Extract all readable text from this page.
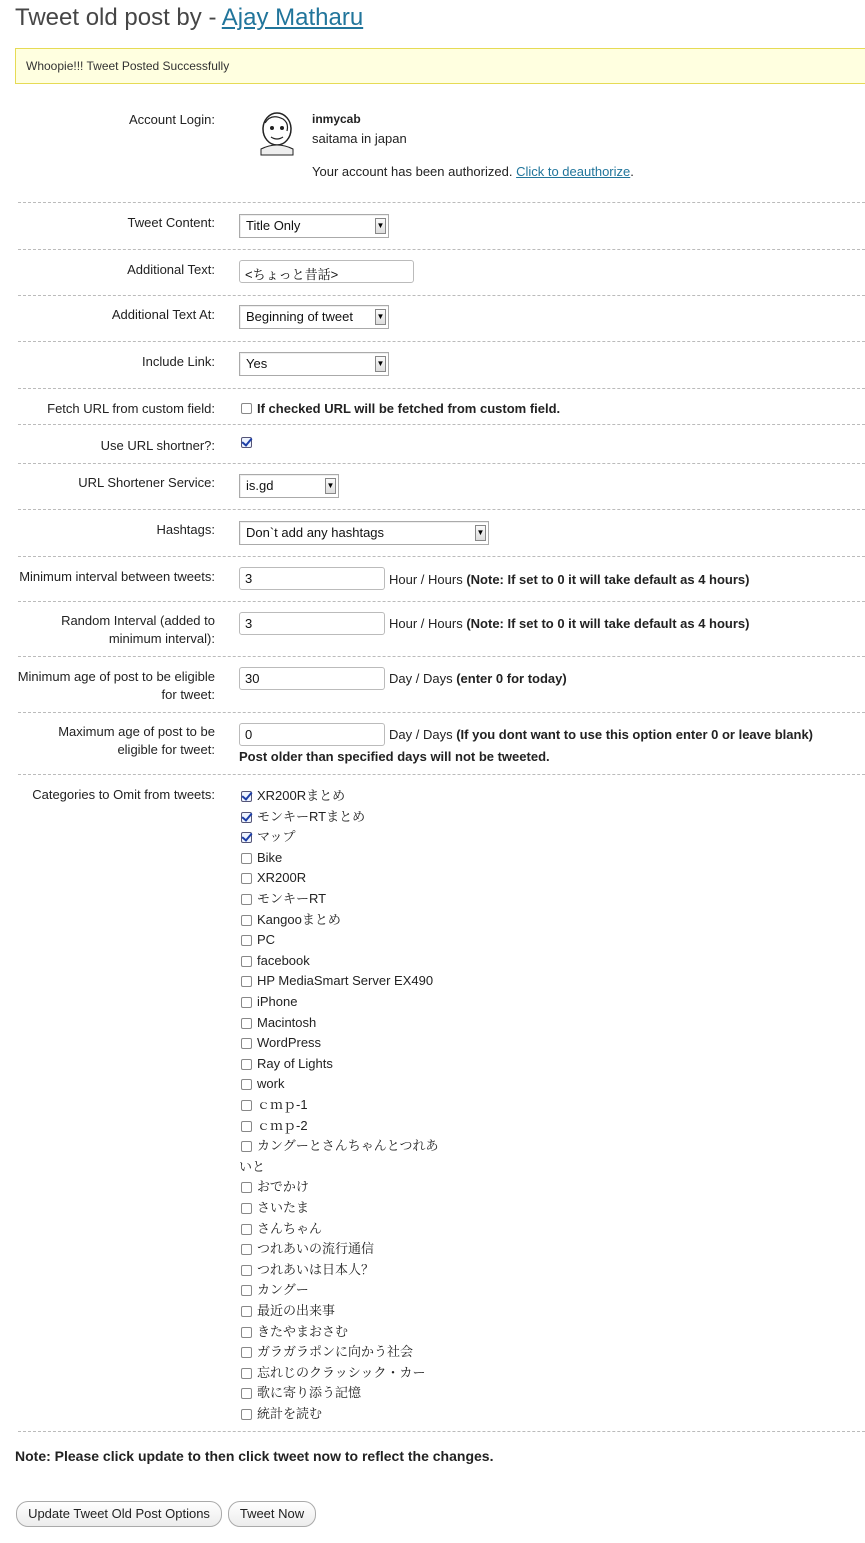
Tweet old post by - Ajay Matharu
Whoopie!!! Tweet Posted Successfully
Account Login:	inmycab
saitama in japan
Your account has been authorized. Click to deauthorize.
Tweet Content:	Title Only	▼
Additional Text:	<ちょっと昔話>
Additional Text At:	Beginning of tweet	▼
Include Link:	Yes	▼
Fetch URL from custom field:	If checked URL will be fetched from custom field.
Use URL shortner?:
URL Shortener Service:	is.gd	▼
Hashtags:	Don`t add any hashtags	▼
Minimum interval between tweets:	3	Hour / Hours (Note: If set to 0 it will take default as 4 hours)
Random Interval (added to
minimum interval):
3	Hour / Hours (Note: If set to 0 it will take default as 4 hours)
Minimum age of post to be eligible
for tweet:
30	Day / Days (enter 0 for today)
Maximum age of post to be
eligible for tweet:
0	Day / Days (If you dont want to use this option enter 0 or leave blank)
Post older than specified days will not be tweeted.
Categories to Omit from tweets:	XR200Rまとめ
モンキーRTまとめ
マップ
Bike
XR200R
モンキーRT
Kangooまとめ
PC
facebook
HP MediaSmart Server EX490
iPhone
Macintosh
WordPress
Ray of Lights
work
ｃｍｐ-1
ｃｍｐ-2
カングーとさんちゃんとつれあ
いと
おでかけ
さいたま
さんちゃん
つれあいの流行通信
つれあいは日本人？
カングー
最近の出来事
きたやまおさむ
ガラガラポンに向かう社会
忘れじのクラッシック・カー
歌に寄り添う記憶
統計を読む
Note: Please click update to then click tweet now to reflect the changes.
Update Tweet Old Post Options	Tweet Now
